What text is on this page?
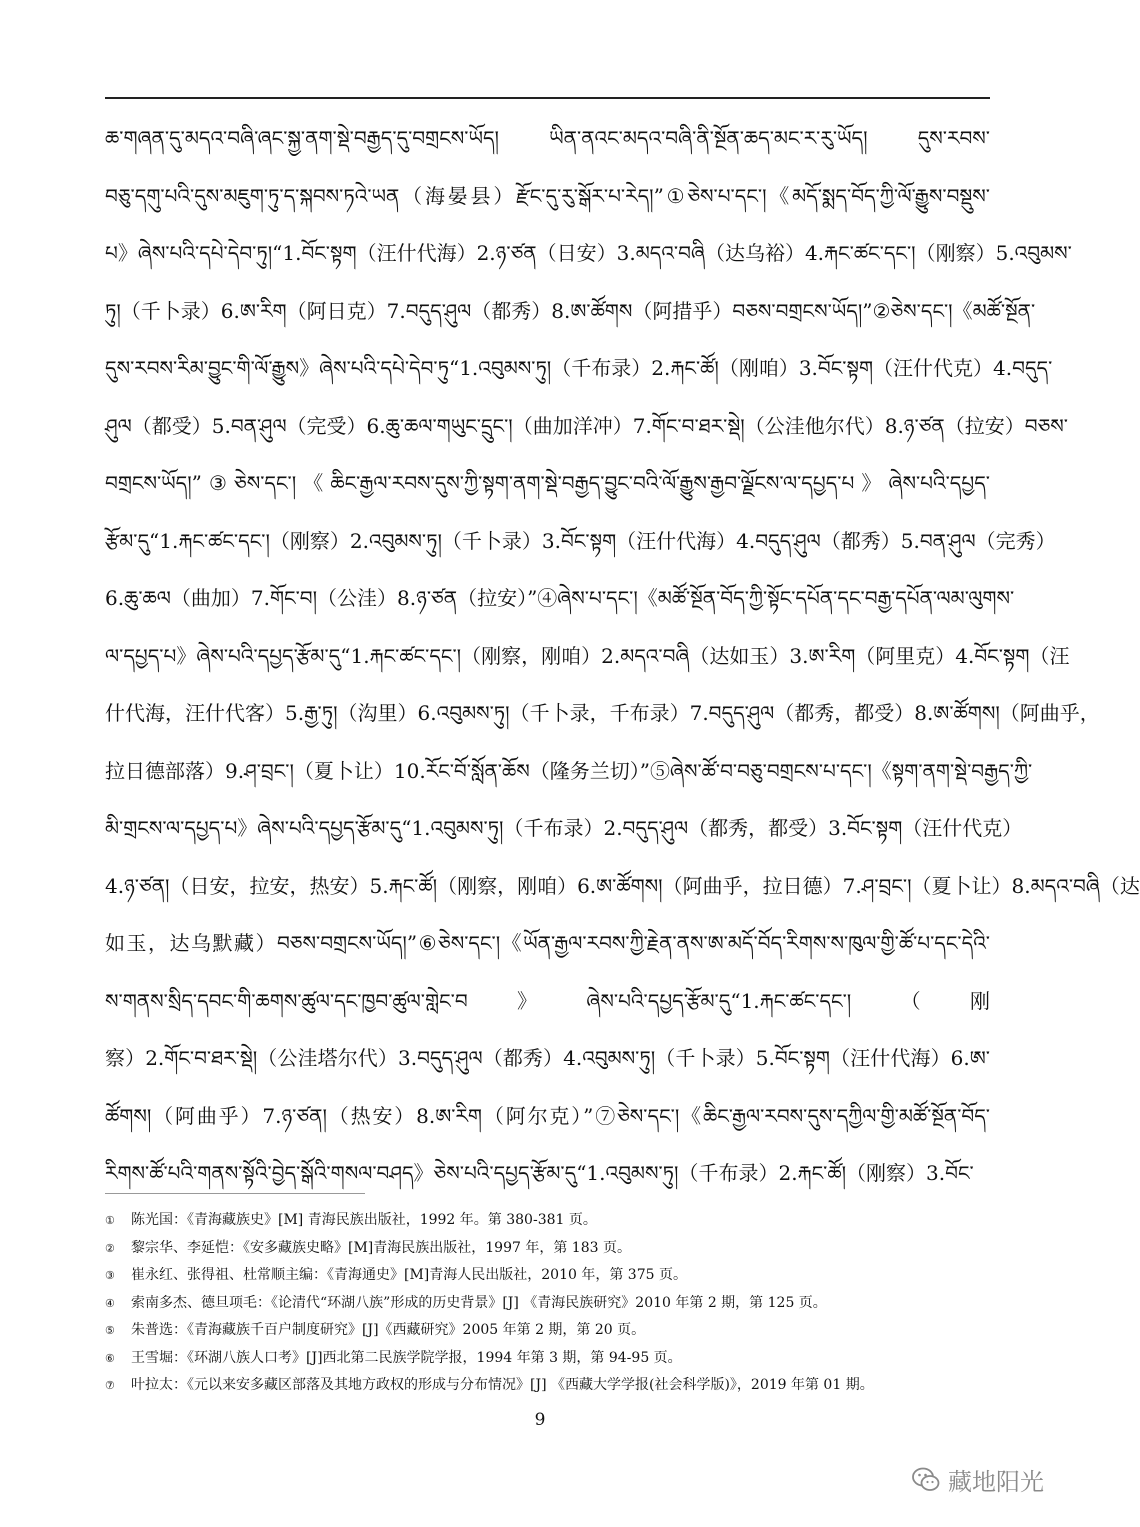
ཆ་གཞན་དུ་མདའ་བཞི་ཞང་སྐྱ་ནག་སྡེ་བརྒྱད་དུ་བགྲངས་ཡོད། ཡིན་ནའང་མདའ་བཞི་ནི་སྔོན་ཆད་མང་ར་རུ་ཡོད། དུས་རབས་
བཅུ་དགུ་པའི་དུས་མཇུག་ཏུ་ད་སྐབས་ཏའེ་ཡན（海晏县）རྫོང་དུ་རུ་སྒོར་པ་རེད།”①ཅེས་པ་དང་།《མདོ་སྨད་བོད་ཀྱི་ལོ་རྒྱུས་བསྡུས་
པ》ཞེས་པའི་དཔེ་དེབ་ཏུ།“1.བོང་སྟག（汪什代海）2.ཉ་ཙན（日安）3.མདའ་བཞི（达乌裕）4.རྐང་ཚང་དང་།（刚察）5.འབུམས་
ཏུ།（千卜录）6.ཨ་རིག（阿日克）7.བདུད་ཤུལ（都秀）8.ཨ་ཚོགས（阿措乎）བཅས་བགྲངས་ཡོད།”②ཅེས་དང་།《མཚོ་སྔོན་
དུས་རབས་རིམ་བྱུང་གི་ལོ་རྒྱུས》ཞེས་པའི་དཔེ་དེབ་ཏུ“1.འབུམས་ཏུ།（千布录）2.རྐང་ཚོ།（刚咱）3.བོང་སྟག（汪什代克）4.བདུད་
ཤུལ（都受）5.བན་ཤུལ（完受）6.ཆུ་ཆལ་གཡུང་དྲུང་།（曲加洋冲）7.གོང་བ་ཐར་སྡེ།（公洼他尔代）8.ཉ་ཙན（拉安）བཅས་
བགྲངས་ཡོད།”③ཅེས་དང་།《ཆིང་རྒྱལ་རབས་དུས་ཀྱི་སྟག་ནག་སྡེ་བརྒྱད་བྱུང་བའི་ལོ་རྒྱུས་རྒྱབ་ལྗོངས་ལ་དཔྱད་པ》ཞེས་པའི་དཔྱད་
རྩོམ་དུ“1.རྐང་ཚང་དང་།（刚察）2.འབུམས་ཏུ།（千卜录）3.བོང་སྟག（汪什代海）4.བདུད་ཤུལ（都秀）5.བན་ཤུལ（完秀）
6.ཆུ་ཆལ（曲加）7.གོང་བ།（公洼）8.ཉ་ཙན（拉安）”④ཞེས་པ་དང་།《མཚོ་སྔོན་བོད་ཀྱི་སྟོང་དཔོན་དང་བརྒྱ་དཔོན་ལམ་ལུགས་
ལ་དཔྱད་པ》ཞེས་པའི་དཔྱད་རྩོམ་དུ“1.རྐང་ཚང་དང་།（刚察，刚咱）2.མདའ་བཞི（达如玉）3.ཨ་རིག（阿里克）4.བོང་སྟག（汪
什代海，汪什代客）5.རྒྱ་ཏུ།（沟里）6.འབུམས་ཏུ།（千卜录，千布录）7.བདུད་ཤུལ（都秀，都受）8.ཨ་ཚོགས།（阿曲乎，
拉日德部落）9.ཤ་བྲང་།（夏卜让）10.རོང་བོ་སློན་ཆོས（隆务兰切）”⑤ཞེས་ཚོ་བ་བཅུ་བགྲངས་པ་དང་།《སྟག་ནག་སྡེ་བརྒྱད་ཀྱི་
མི་གྲངས་ལ་དཔྱད་པ》ཞེས་པའི་དཔྱད་རྩོམ་དུ“1.འབུམས་ཏུ།（千布录）2.བདུད་ཤུལ（都秀，都受）3.བོང་སྟག（汪什代克）
4.ཉ་ཙན།（日安，拉安，热安）5.རྐང་ཚོ།（刚察，刚咱）6.ཨ་ཚོགས།（阿曲乎，拉日德）7.ཤ་བྲང་།（夏卜让）8.མདའ་བཞི（达
如玉，达乌默藏）བཅས་བགྲངས་ཡོད།”⑥ཅེས་དང་།《ཡོན་རྒྱལ་རབས་ཀྱི་རྗེན་ནས་ཨ་མདོ་བོད་རིགས་ས་ཁུལ་གྱི་ཚོ་པ་དང་དེའི་
ས་གནས་སྲིད་དབང་གི་ཆགས་ཚུལ་དང་ཁྱབ་ཚུལ་གླེང་བ》ཞེས་པའི་དཔྱད་རྩོམ་དུ“1.རྐང་ཚང་དང་།（刚
察）2.གོང་བ་ཐར་སྡེ།（公洼塔尔代）3.བདུད་ཤུལ（都秀）4.འབུམས་ཏུ།（千卜录）5.བོང་སྟག（汪什代海）6.ཨ་
ཚོགས།（阿曲乎）7.ཉ་ཙན།（热安）8.ཨ་རིག（阿尔克）”⑦ཅེས་དང་།《ཆིང་རྒྱལ་རབས་དུས་དཀྱིལ་གྱི་མཚོ་སྔོན་བོད་
རིགས་ཚོ་པའི་གནས་སྟོའི་བྱེད་སྒོའི་གསལ་བཤད》ཅེས་པའི་དཔྱད་རྩོམ་དུ“1.འབུམས་ཏུ།（千布录）2.རྐང་ཚོ།（刚察）3.བོང་
① 陈光国：《青海藏族史》[M] 青海民族出版社，1992 年。第 380-381 页。
② 黎宗华、李延恺：《安多藏族史略》[M]青海民族出版社，1997 年，第 183 页。
③ 崔永红、张得祖、杜常顺主编：《青海通史》[M]青海人民出版社，2010 年，第 375 页。
④ 索南多杰、德旦项毛：《论清代“环湖八族”形成的历史背景》[J] 《青海民族研究》2010 年第 2 期，第 125 页。
⑤ 朱普选：《青海藏族千百户制度研究》[J]《西藏研究》2005 年第 2 期，第 20 页。
⑥ 王雪堀：《环湖八族人口考》[J]西北第二民族学院学报，1994 年第 3 期，第 94-95 页。
⑦ 叶拉太：《元以来安多藏区部落及其地方政权的形成与分布情况》[J] 《西藏大学学报(社会科学版)》，2019 年第 01 期。
9
藏地阳光
